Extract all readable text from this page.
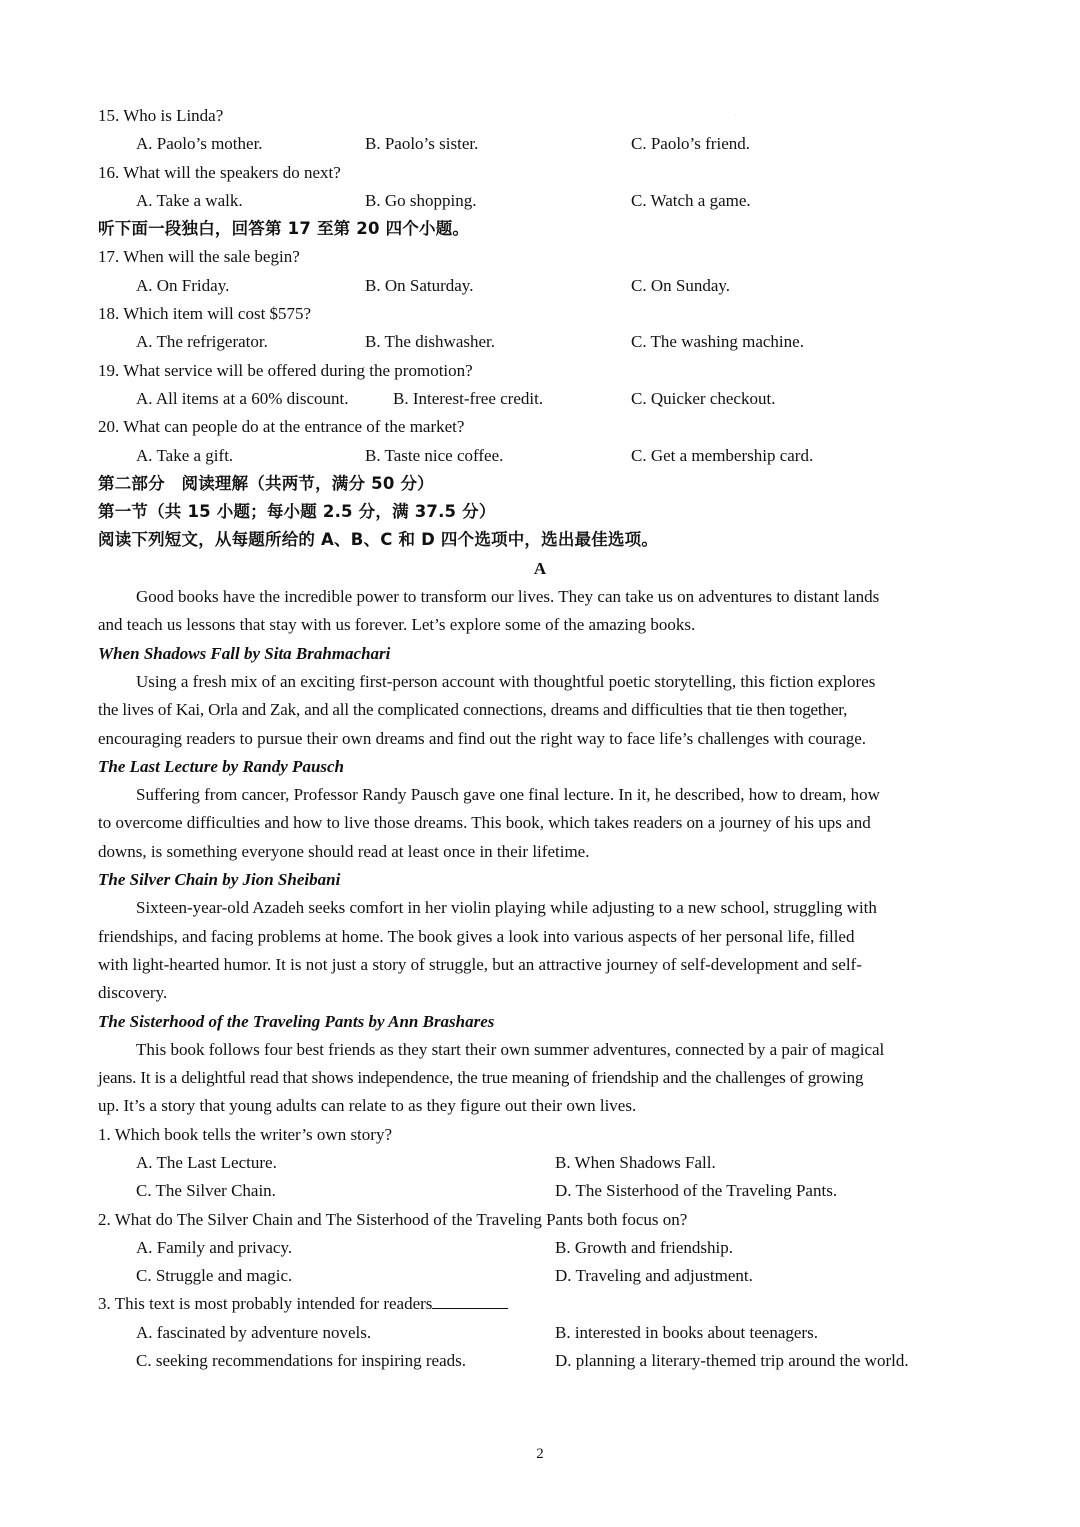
·
15. Who is Linda?
A. Paolo’s mother.	B. Paolo’s sister.	C. Paolo’s friend.
16. What will the speakers do next?
A. Take a walk.	B. Go shopping.	C. Watch a game.
听下面一段独白，回答第 17 至第 20 四个小题。
17. When will the sale begin?
A. On Friday.	B. On Saturday.	C. On Sunday.
18. Which item will cost $575?
A. The refrigerator.	B. The dishwasher.	C. The washing machine.
19. What service will be offered during the promotion?
A. All items at a 60% discount.	B. Interest-free credit.	C. Quicker checkout.
20. What can people do at the entrance of the market?
A. Take a gift.	B. Taste nice coffee.	C. Get a membership card.
第二部分　阅读理解（共两节，满分 50 分）
第一节（共 15 小题；每小题 2.5 分，满 37.5 分）
阅读下列短文，从每题所给的 A、B、C 和 D 四个选项中，选出最佳选项。
A
Good books have the incredible power to transform our lives. They can take us on adventures to distant lands
and teach us lessons that stay with us forever. Let’s explore some of the amazing books.
When Shadows Fall by Sita Brahmachari
Using a fresh mix of an exciting first-person account with thoughtful poetic storytelling, this fiction explores
the lives of Kai, Orla and Zak, and all the complicated connections, dreams and difficulties that tie then together,
encouraging readers to pursue their own dreams and find out the right way to face life’s challenges with courage.
The Last Lecture by Randy Pausch
Suffering from cancer, Professor Randy Pausch gave one final lecture. In it, he described, how to dream, how
to overcome difficulties and how to live those dreams. This book, which takes readers on a journey of his ups and
downs, is something everyone should read at least once in their lifetime.
The Silver Chain by Jion Sheibani
Sixteen-year-old Azadeh seeks comfort in her violin playing while adjusting to a new school, struggling with
friendships, and facing problems at home. The book gives a look into various aspects of her personal life, filled
with light-hearted humor. It is not just a story of struggle, but an attractive journey of self-development and self-
discovery.
The Sisterhood of the Traveling Pants by Ann Brashares
This book follows four best friends as they start their own summer adventures, connected by a pair of magical
jeans. It is a delightful read that shows independence, the true meaning of friendship and the challenges of growing
up. It’s a story that young adults can relate to as they figure out their own lives.
1. Which book tells the writer’s own story?
A. The Last Lecture.	B. When Shadows Fall.
C. The Silver Chain.	D. The Sisterhood of the Traveling Pants.
2. What do The Silver Chain and The Sisterhood of the Traveling Pants both focus on?
A. Family and privacy.	B. Growth and friendship.
C. Struggle and magic.	D. Traveling and adjustment.
3. This text is most probably intended for readers
A. fascinated by adventure novels.	B. interested in books about teenagers.
C. seeking recommendations for inspiring reads.	D. planning a literary-themed trip around the world.
2
